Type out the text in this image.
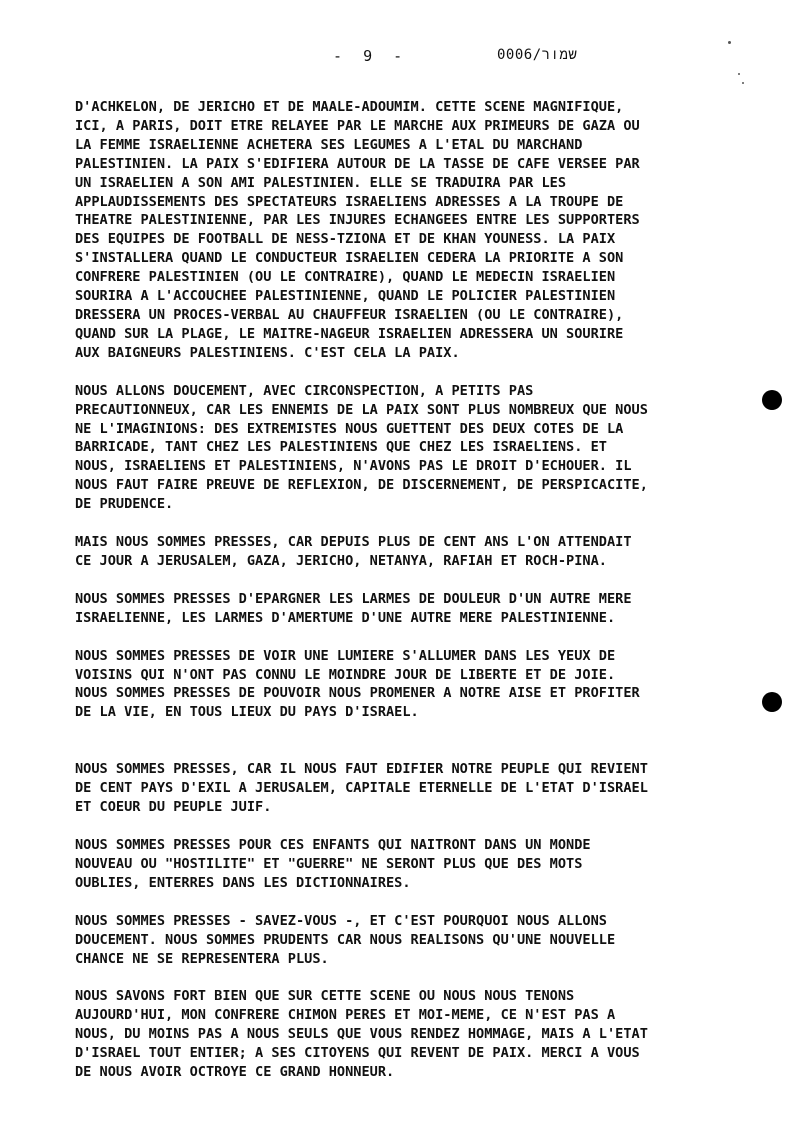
-  9  -	0006/שמור

D'ACHKELON, DE JERICHO ET DE MAALE-ADOUMIM. CETTE SCENE MAGNIFIQUE,
ICI, A PARIS, DOIT ETRE RELAYEE PAR LE MARCHE AUX PRIMEURS DE GAZA OU
LA FEMME ISRAELIENNE ACHETERA SES LEGUMES A L'ETAL DU MARCHAND
PALESTINIEN. LA PAIX S'EDIFIERA AUTOUR DE LA TASSE DE CAFE VERSEE PAR
UN ISRAELIEN A SON AMI PALESTINIEN. ELLE SE TRADUIRA PAR LES
APPLAUDISSEMENTS DES SPECTATEURS ISRAELIENS ADRESSES A LA TROUPE DE
THEATRE PALESTINIENNE, PAR LES INJURES ECHANGEES ENTRE LES SUPPORTERS
DES EQUIPES DE FOOTBALL DE NESS-TZIONA ET DE KHAN YOUNESS. LA PAIX
S'INSTALLERA QUAND LE CONDUCTEUR ISRAELIEN CEDERA LA PRIORITE A SON
CONFRERE PALESTINIEN (OU LE CONTRAIRE), QUAND LE MEDECIN ISRAELIEN
SOURIRA A L'ACCOUCHEE PALESTINIENNE, QUAND LE POLICIER PALESTINIEN
DRESSERA UN PROCES-VERBAL AU CHAUFFEUR ISRAELIEN (OU LE CONTRAIRE),
QUAND SUR LA PLAGE, LE MAITRE-NAGEUR ISRAELIEN ADRESSERA UN SOURIRE
AUX BAIGNEURS PALESTINIENS. C'EST CELA LA PAIX.

NOUS ALLONS DOUCEMENT, AVEC CIRCONSPECTION, A PETITS PAS
PRECAUTIONNEUX, CAR LES ENNEMIS DE LA PAIX SONT PLUS NOMBREUX QUE NOUS
NE L'IMAGINIONS: DES EXTREMISTES NOUS GUETTENT DES DEUX COTES DE LA
BARRICADE, TANT CHEZ LES PALESTINIENS QUE CHEZ LES ISRAELIENS. ET
NOUS, ISRAELIENS ET PALESTINIENS, N'AVONS PAS LE DROIT D'ECHOUER. IL
NOUS FAUT FAIRE PREUVE DE REFLEXION, DE DISCERNEMENT, DE PERSPICACITE,
DE PRUDENCE.

MAIS NOUS SOMMES PRESSES, CAR DEPUIS PLUS DE CENT ANS L'ON ATTENDAIT
CE JOUR A JERUSALEM, GAZA, JERICHO, NETANYA, RAFIAH ET ROCH-PINA.

NOUS SOMMES PRESSES D'EPARGNER LES LARMES DE DOULEUR D'UN AUTRE MERE
ISRAELIENNE, LES LARMES D'AMERTUME D'UNE AUTRE MERE PALESTINIENNE.

NOUS SOMMES PRESSES DE VOIR UNE LUMIERE S'ALLUMER DANS LES YEUX DE
VOISINS QUI N'ONT PAS CONNU LE MOINDRE JOUR DE LIBERTE ET DE JOIE.
NOUS SOMMES PRESSES DE POUVOIR NOUS PROMENER A NOTRE AISE ET PROFITER
DE LA VIE, EN TOUS LIEUX DU PAYS D'ISRAEL.

NOUS SOMMES PRESSES, CAR IL NOUS FAUT EDIFIER NOTRE PEUPLE QUI REVIENT
DE CENT PAYS D'EXIL A JERUSALEM, CAPITALE ETERNELLE DE L'ETAT D'ISRAEL
ET COEUR DU PEUPLE JUIF.

NOUS SOMMES PRESSES POUR CES ENFANTS QUI NAITRONT DANS UN MONDE
NOUVEAU OU "HOSTILITE" ET "GUERRE" NE SERONT PLUS QUE DES MOTS
OUBLIES, ENTERRES DANS LES DICTIONNAIRES.

NOUS SOMMES PRESSES - SAVEZ-VOUS -, ET C'EST POURQUOI NOUS ALLONS
DOUCEMENT. NOUS SOMMES PRUDENTS CAR NOUS REALISONS QU'UNE NOUVELLE
CHANCE NE SE REPRESENTERA PLUS.

NOUS SAVONS FORT BIEN QUE SUR CETTE SCENE OU NOUS NOUS TENONS
AUJOURD'HUI, MON CONFRERE CHIMON PERES ET MOI-MEME, CE N'EST PAS A
NOUS, DU MOINS PAS A NOUS SEULS QUE VOUS RENDEZ HOMMAGE, MAIS A L'ETAT
D'ISRAEL TOUT ENTIER; A SES CITOYENS QUI REVENT DE PAIX. MERCI A VOUS
DE NOUS AVOIR OCTROYE CE GRAND HONNEUR.
